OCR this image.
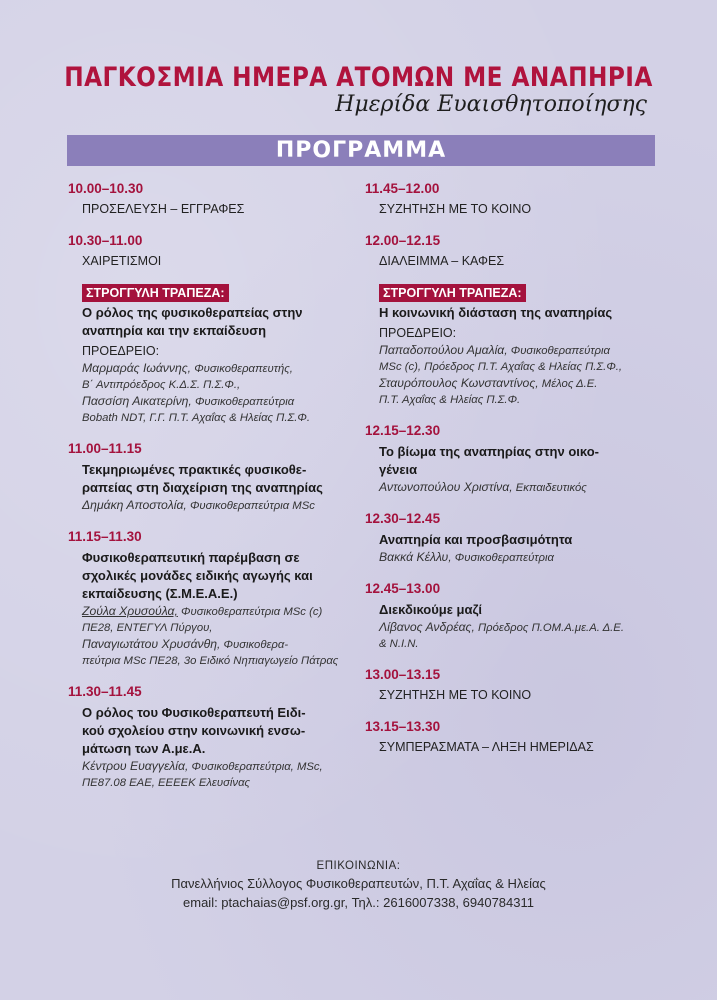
ΠΑΓΚΟΣΜΙΑ ΗΜΕΡΑ ΑΤΟΜΩΝ ΜΕ ΑΝΑΠΗΡΙΑ
Ημερίδα Ευαισθητοποίησης
ΠΡΟΓΡΑΜΜΑ
10.00–10.30
ΠΡΟΣΕΛΕΥΣΗ – ΕΓΓΡΑΦΕΣ
10.30–11.00
ΧΑΙΡΕΤΙΣΜΟΙ
ΣΤΡΟΓΓΥΛΗ ΤΡΑΠΕΖΑ:
Ο ρόλος της φυσικοθεραπείας στην
αναπηρία και την εκπαίδευση
ΠΡΟΕΔΡΕΙΟ:
Μαρμαράς Ιωάννης, Φυσικοθεραπευτής,
Β΄ Αντιπρόεδρος Κ.Δ.Σ. Π.Σ.Φ.,
Πασσίση Αικατερίνη, Φυσικοθεραπεύτρια
Bobath NDT, Γ.Γ. Π.Τ. Αχαΐας & Ηλείας Π.Σ.Φ.
11.00–11.15
Τεκμηριωμένες πρακτικές φυσικοθε-
ραπείας στη διαχείριση της αναπηρίας
Δημάκη Αποστολία, Φυσικοθεραπεύτρια MSc
11.15–11.30
Φυσικοθεραπευτική παρέμβαση σε
σχολικές μονάδες ειδικής αγωγής και
εκπαίδευσης (Σ.Μ.Ε.Α.Ε.)
Ζούλα Χρυσούλα, Φυσικοθεραπεύτρια MSc (c)
ΠΕ28, ΕΝΤΕΓΥΛ Πύργου,
Παναγιωτάτου Χρυσάνθη, Φυσικοθερα-
πεύτρια MSc ΠΕ28, 3ο Ειδικό Νηπιαγωγείο Πάτρας
11.30–11.45
Ο ρόλος του Φυσικοθεραπευτή Ειδι-
κού σχολείου στην κοινωνική ενσω-
μάτωση των Α.με.Α.
Κέντρου Ευαγγελία, Φυσικοθεραπεύτρια, MSc,
ΠΕ87.08 ΕΑΕ, ΕΕΕΕΚ Ελευσίνας
11.45–12.00
ΣΥΖΗΤΗΣΗ ΜΕ ΤΟ ΚΟΙΝΟ
12.00–12.15
ΔΙΑΛΕΙΜΜΑ – ΚΑΦΕΣ
ΣΤΡΟΓΓΥΛΗ ΤΡΑΠΕΖΑ:
Η κοινωνική διάσταση της αναπηρίας
ΠΡΟΕΔΡΕΙΟ:
Παπαδοπούλου Αμαλία, Φυσικοθεραπεύτρια
MSc (c), Πρόεδρος Π.Τ. Αχαΐας & Ηλείας Π.Σ.Φ.,
Σταυρόπουλος Κωνσταντίνος, Μέλος Δ.Ε.
Π.Τ. Αχαΐας & Ηλείας Π.Σ.Φ.
12.15–12.30
Το βίωμα της αναπηρίας στην οικο-
γένεια
Αντωνοπούλου Χριστίνα, Εκπαιδευτικός
12.30–12.45
Αναπηρία και προσβασιμότητα
Βακκά Κέλλυ, Φυσικοθεραπεύτρια
12.45–13.00
Διεκδικούμε μαζί
Λίβανος Ανδρέας, Πρόεδρος Π.ΟΜ.Α.με.Α. Δ.Ε.
& Ν.Ι.Ν.
13.00–13.15
ΣΥΖΗΤΗΣΗ ΜΕ ΤΟ ΚΟΙΝΟ
13.15–13.30
ΣΥΜΠΕΡΑΣΜΑΤΑ – ΛΗΞΗ ΗΜΕΡΙΔΑΣ
ΕΠΙΚΟΙΝΩΝΙΑ:
Πανελλήνιος Σύλλογος Φυσικοθεραπευτών, Π.Τ. Αχαΐας & Ηλείας
email: ptachaias@psf.org.gr, Τηλ.: 2616007338, 6940784311
